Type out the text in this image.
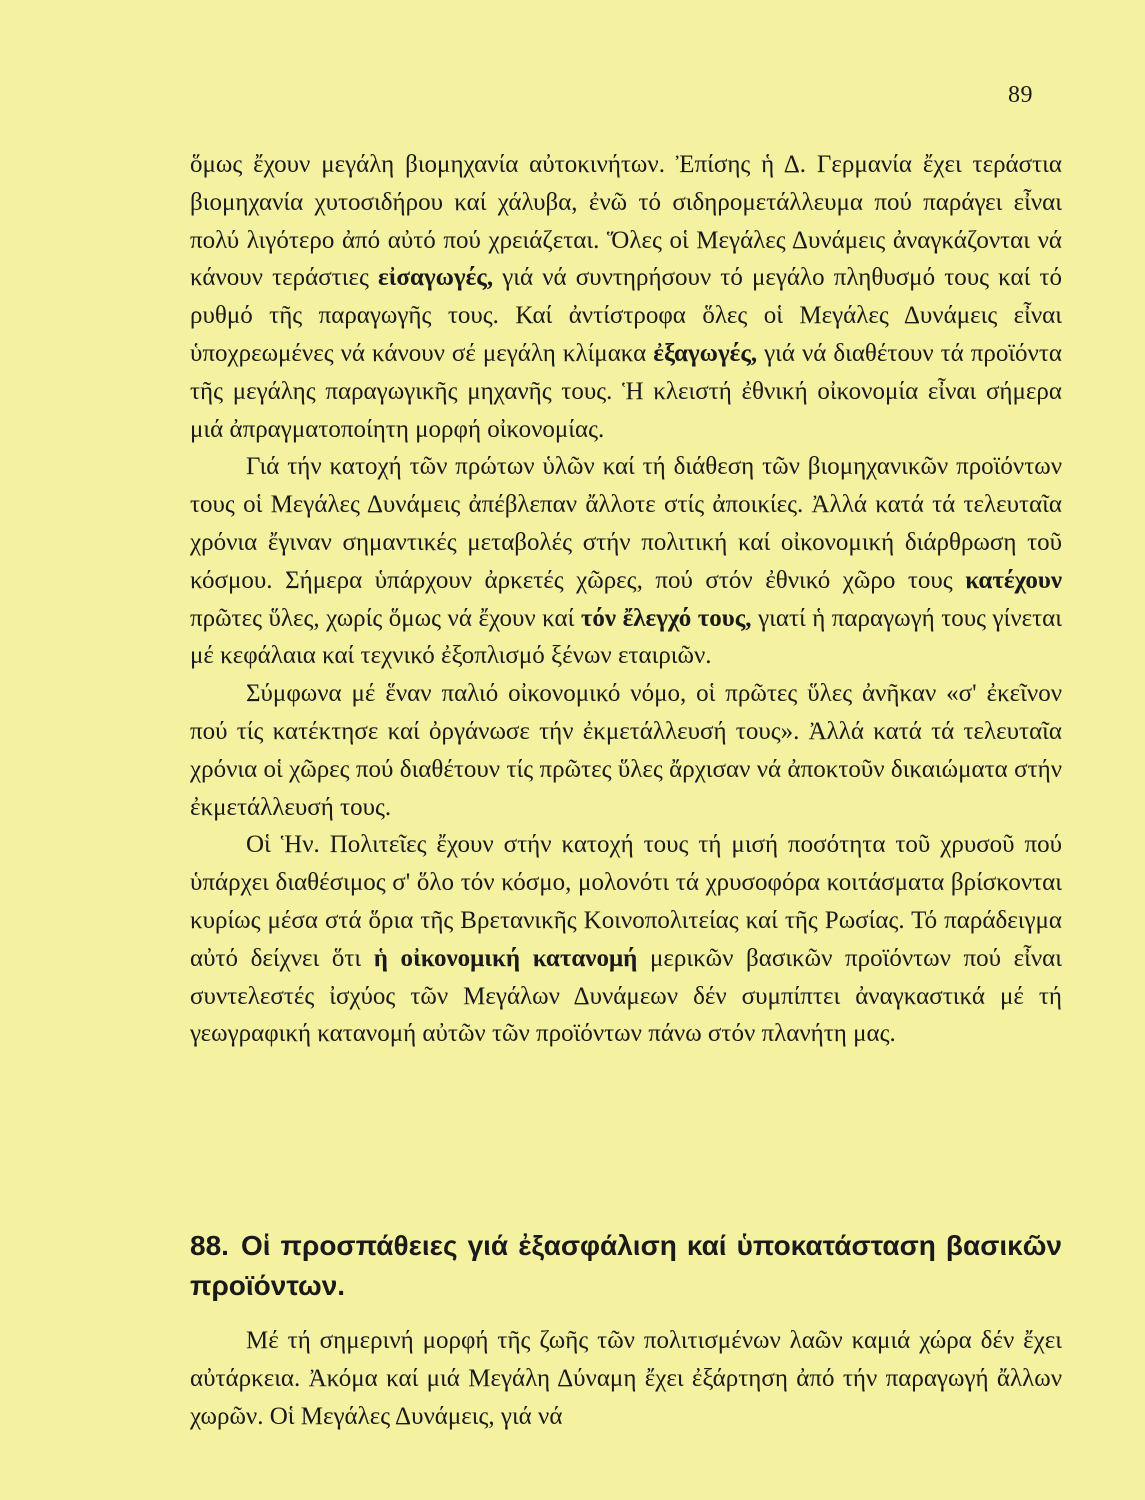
89

ὅμως ἔχουν μεγάλη βιομηχανία αὐτοκινήτων. Ἐπίσης ἡ Δ. Γερμανία ἔχει τεράστια βιομηχανία χυτοσιδήρου καί χάλυβα, ἐνῶ τό σιδηρομετάλλευμα πού παράγει εἶναι πολύ λιγότερο ἀπό αὐτό πού χρειάζεται. Ὅλες οἱ Μεγάλες Δυνάμεις ἀναγκάζονται νά κάνουν τεράστιες εἰσαγωγές, γιά νά συντηρήσουν τό μεγάλο πληθυσμό τους καί τό ρυθμό τῆς παραγωγῆς τους. Καί ἀντίστροφα ὅλες οἱ Μεγάλες Δυνάμεις εἶναι ὑποχρεωμένες νά κάνουν σέ μεγάλη κλίμακα ἐξαγωγές, γιά νά διαθέτουν τά προϊόντα τῆς μεγάλης παραγωγικῆς μηχανῆς τους. Ἡ κλειστή ἐθνική οἰκονομία εἶναι σήμερα μιά ἀπραγματοποίητη μορφή οἰκονομίας.

Γιά τήν κατοχή τῶν πρώτων ὑλῶν καί τή διάθεση τῶν βιομηχανικῶν προϊόντων τους οἱ Μεγάλες Δυνάμεις ἀπέβλεπαν ἄλλοτε στίς ἀποικίες. Ἀλλά κατά τά τελευταῖα χρόνια ἔγιναν σημαντικές μεταβολές στήν πολιτική καί οἰκονομική διάρθρωση τοῦ κόσμου. Σήμερα ὑπάρχουν ἀρκετές χῶρες, πού στόν ἐθνικό χῶρο τους κατέχουν πρῶτες ὕλες, χωρίς ὅμως νά ἔχουν καί τόν ἔλεγχό τους, γιατί ἡ παραγωγή τους γίνεται μέ κεφάλαια καί τεχνικό ἐξοπλισμό ξένων εταιριῶν.

Σύμφωνα μέ ἕναν παλιό οἰκονομικό νόμο, οἱ πρῶτες ὕλες ἀνῆκαν «σ' ἐκεῖνον πού τίς κατέκτησε καί ὀργάνωσε τήν ἐκμετάλλευσή τους». Ἀλλά κατά τά τελευταῖα χρόνια οἱ χῶρες πού διαθέτουν τίς πρῶτες ὕλες ἄρχισαν νά ἀποκτοῦν δικαιώματα στήν ἐκμετάλλευσή τους.

Οἱ Ἡν. Πολιτεῖες ἔχουν στήν κατοχή τους τή μισή ποσότητα τοῦ χρυσοῦ πού ὑπάρχει διαθέσιμος σ' ὅλο τόν κόσμο, μολονότι τά χρυσοφόρα κοιτάσματα βρίσκονται κυρίως μέσα στά ὅρια τῆς Βρετανικῆς Κοινοπολιτείας καί τῆς Ρωσίας. Τό παράδειγμα αὐτό δείχνει ὅτι ἡ οἰκονομική κατανομή μερικῶν βασικῶν προϊόντων πού εἶναι συντελεστές ἰσχύος τῶν Μεγάλων Δυνάμεων δέν συμπίπτει ἀναγκαστικά μέ τή γεωγραφική κατανομή αὐτῶν τῶν προϊόντων πάνω στόν πλανήτη μας.

88. Οἱ προσπάθειες γιά ἐξασφάλιση καί ὑποκατάσταση βασικῶν προϊόντων.

Μέ τή σημερινή μορφή τῆς ζωῆς τῶν πολιτισμένων λαῶν καμιά χώρα δέν ἔχει αὐτάρκεια. Ἀκόμα καί μιά Μεγάλη Δύναμη ἔχει ἐξάρτηση ἀπό τήν παραγωγή ἄλλων χωρῶν. Οἱ Μεγάλες Δυνάμεις, γιά νά
